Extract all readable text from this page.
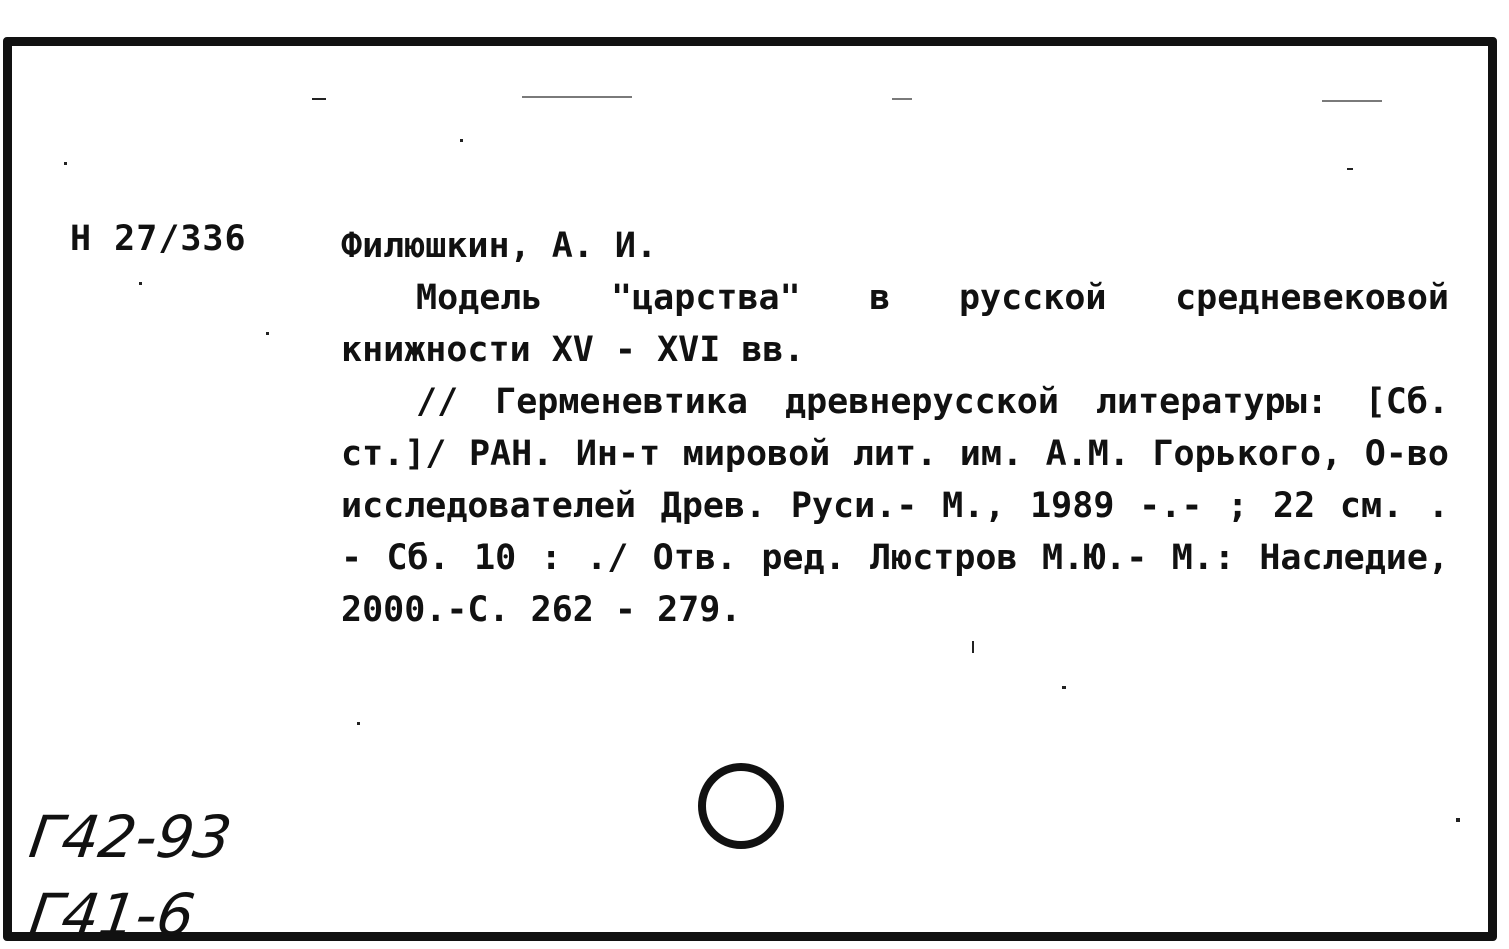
Н 27/336	Филюшкин, А. И.

Модель "царства" в русской средневековой книжности XV - XVI вв.

// Герменевтика древнерусской литературы: [Сб. ст.]/ РАН. Ин-т мировой лит. им. А.М. Горького, О-во исследователей Древ. Руси.- М., 1989 -.- ; 22 см. . - Сб. 10 : ./ Отв. ред. Люстров М.Ю.- М.: Наследие, 2000.-С. 262 - 279.

Г42-93
Г41-6
